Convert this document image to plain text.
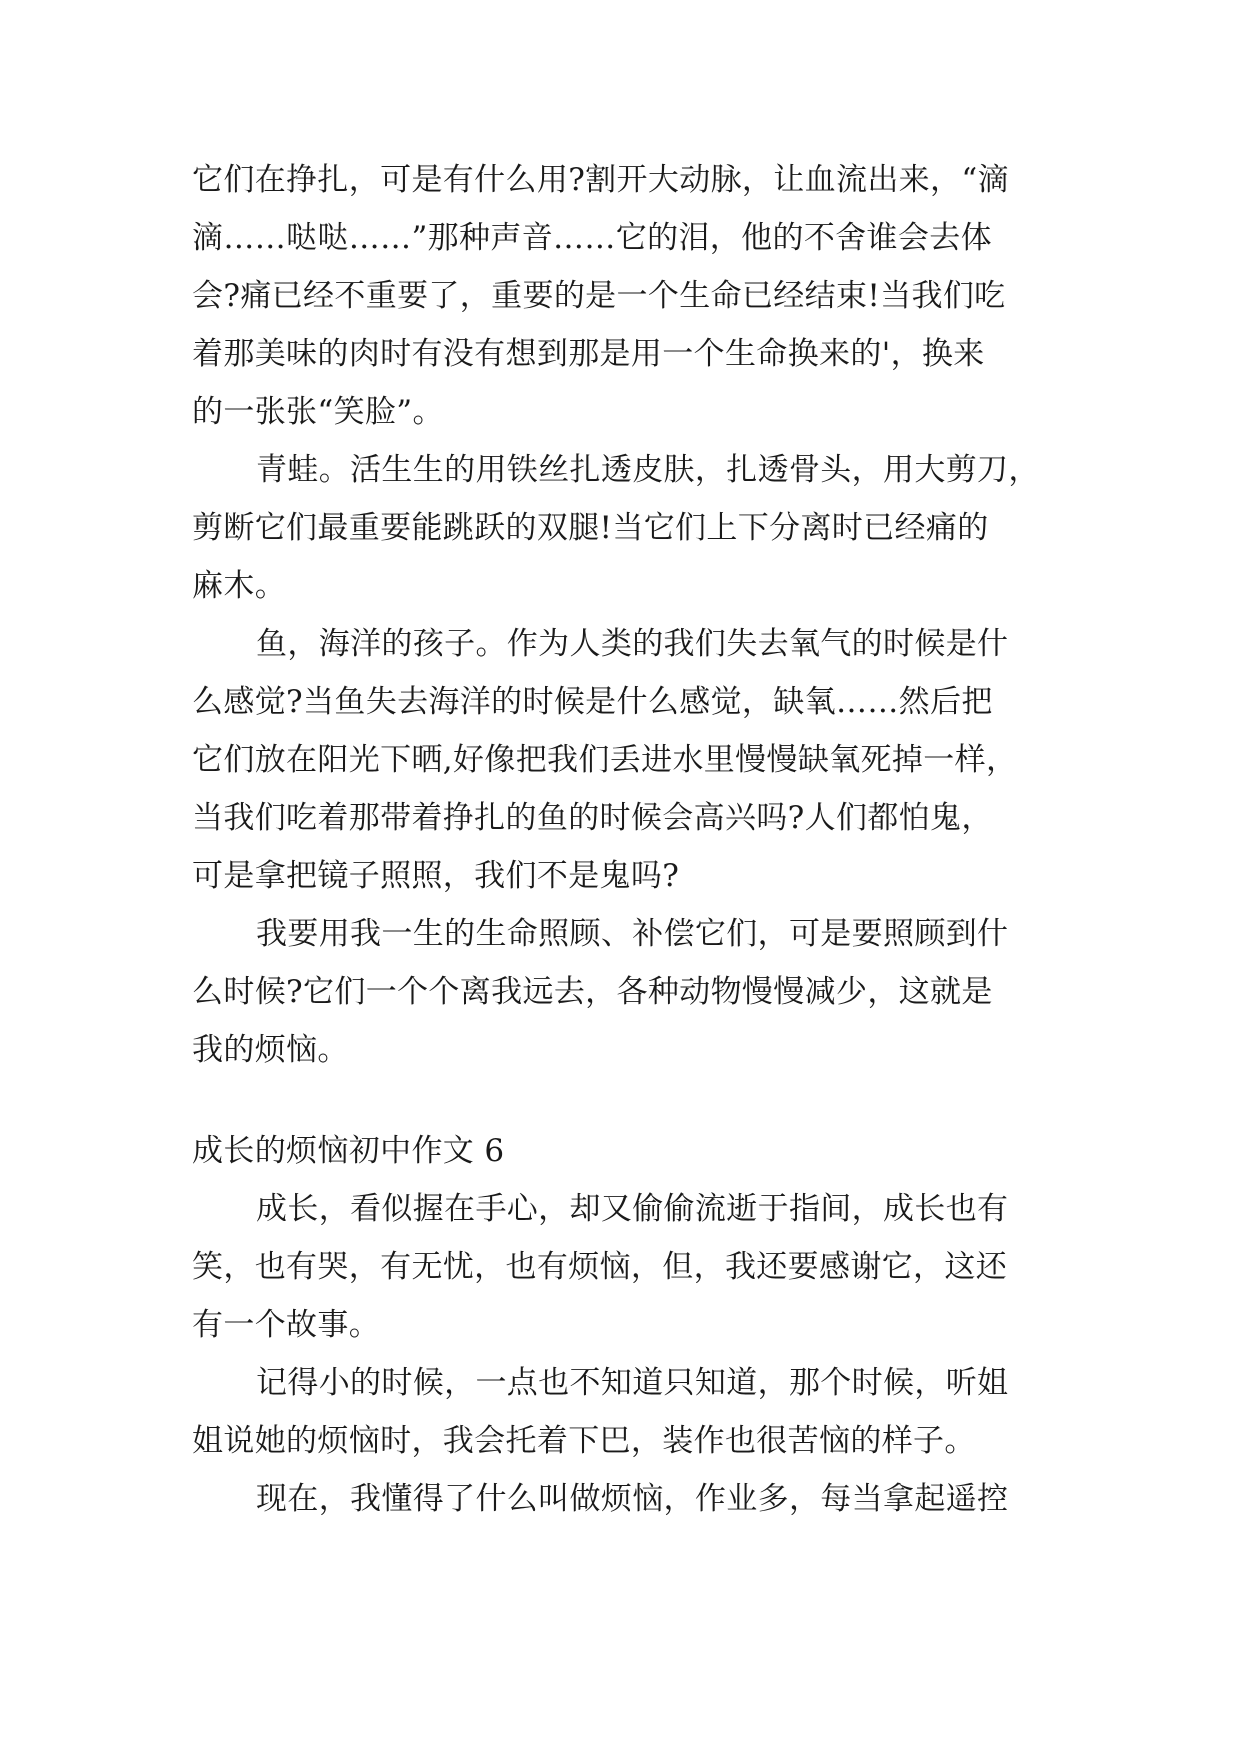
它们在挣扎，可是有什么用?割开大动脉，让血流出来，“滴
滴……哒哒……”那种声音……它的泪，他的不舍谁会去体
会?痛已经不重要了，重要的是一个生命已经结束!当我们吃
着那美味的肉时有没有想到那是用一个生命换来的'，换来
的一张张“笑脸”。
青蛙。活生生的用铁丝扎透皮肤，扎透骨头，用大剪刀，
剪断它们最重要能跳跃的双腿!当它们上下分离时已经痛的
麻木。
鱼，海洋的孩子。作为人类的我们失去氧气的时候是什
么感觉?当鱼失去海洋的时候是什么感觉，缺氧……然后把
它们放在阳光下晒,好像把我们丢进水里慢慢缺氧死掉一样，
当我们吃着那带着挣扎的鱼的时候会高兴吗?人们都怕鬼，
可是拿把镜子照照，我们不是鬼吗?
我要用我一生的生命照顾、补偿它们，可是要照顾到什
么时候?它们一个个离我远去，各种动物慢慢减少，这就是
我的烦恼。
成长的烦恼初中作文 6
成长，看似握在手心，却又偷偷流逝于指间，成长也有
笑，也有哭，有无忧，也有烦恼，但，我还要感谢它，这还
有一个故事。
记得小的时候，一点也不知道只知道，那个时候，听姐
姐说她的烦恼时，我会托着下巴，装作也很苦恼的样子。
现在，我懂得了什么叫做烦恼，作业多，每当拿起遥控
